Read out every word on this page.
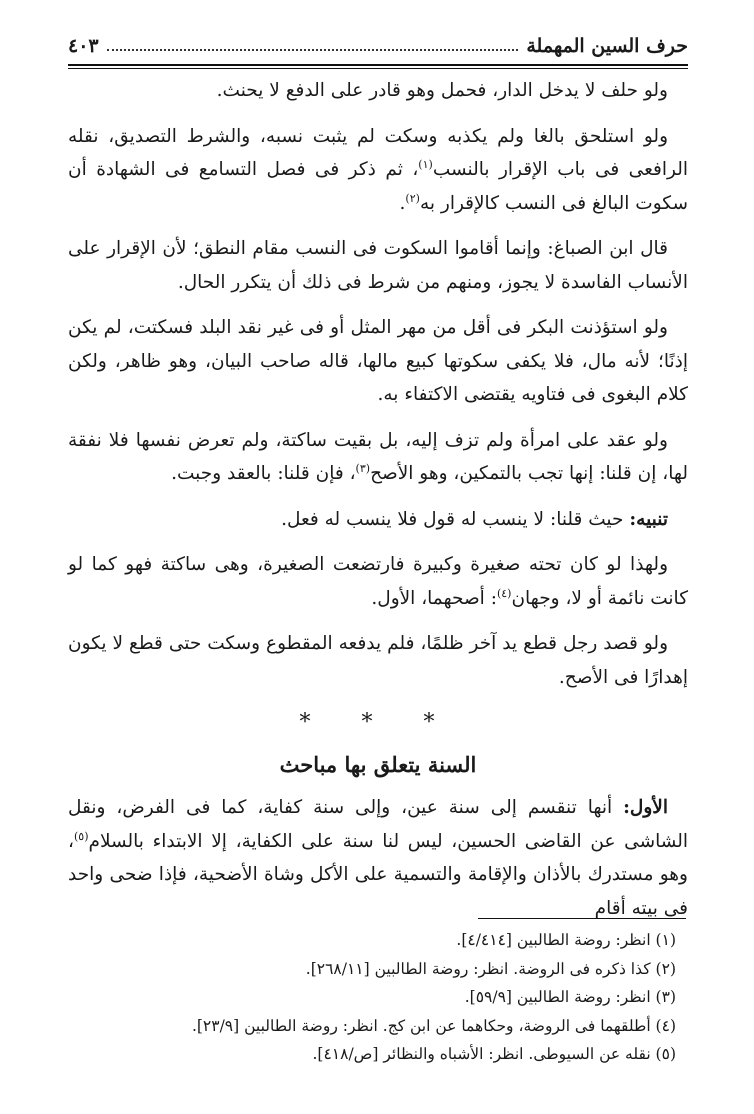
حرف السين المهملة
٤٠٣

ولو حلف لا يدخل الدار، فحمل وهو قادر على الدفع لا يحنث.

ولو استلحق بالغا ولم يكذبه وسكت لم يثبت نسبه، والشرط التصديق، نقله الرافعى فى باب الإقرار بالنسب$^{(١)}$، ثم ذكر فى فصل التسامع فى الشهادة أن سكوت البالغ فى النسب كالإقرار به$^{(٢)}$.

قال ابن الصباغ: وإنما أقاموا السكوت فى النسب مقام النطق؛ لأن الإقرار على الأنساب الفاسدة لا يجوز، ومنهم من شرط فى ذلك أن يتكرر الحال.

ولو استؤذنت البكر فى أقل من مهر المثل أو فى غير نقد البلد فسكتت، لم يكن إذنًا؛ لأنه مال، فلا يكفى سكوتها كبيع مالها، قاله صاحب البيان، وهو ظاهر، ولكن كلام البغوى فى فتاويه يقتضى الاكتفاء به.

ولو عقد على امرأة ولم تزف إليه، بل بقيت ساكتة، ولم تعرض نفسها فلا نفقة لها، إن قلنا: إنها تجب بالتمكين، وهو الأصح$^{(٣)}$، فإن قلنا: بالعقد وجبت.

تنبيه: حيث قلنا: لا ينسب له قول فلا ينسب له فعل.

ولهذا لو كان تحته صغيرة وكبيرة فارتضعت الصغيرة، وهى ساكتة فهو كما لو كانت نائمة أو لا، وجهان$^{(٤)}$: أصحهما، الأول.

ولو قصد رجل قطع يد آخر ظلمًا، فلم يدفعه المقطوع وسكت حتى قطع لا يكون إهدارًا فى الأصح.

* * *
السنة يتعلق بها مباحث

الأول: أنها تنقسم إلى سنة عين، وإلى سنة كفاية، كما فى الفرض، ونقل الشاشى عن القاضى الحسين، ليس لنا سنة على الكفاية، إلا الابتداء بالسلام$^{(٥)}$، وهو مستدرك بالأذان والإقامة والتسمية على الأكل وشاة الأضحية، فإذا ضحى واحد فى بيته أقام

(١) انظر: روضة الطالبين [٤/٤١٤].
(٢) كذا ذكره فى الروضة. انظر: روضة الطالبين [٢٦٨/١١].
(٣) انظر: روضة الطالبين [٥٩/٩].
(٤) أطلقهما فى الروضة، وحكاهما عن ابن كج. انظر: روضة الطالبين [٢٣/٩].
(٥) نقله عن السيوطى. انظر: الأشباه والنظائر [ص/٤١٨].
